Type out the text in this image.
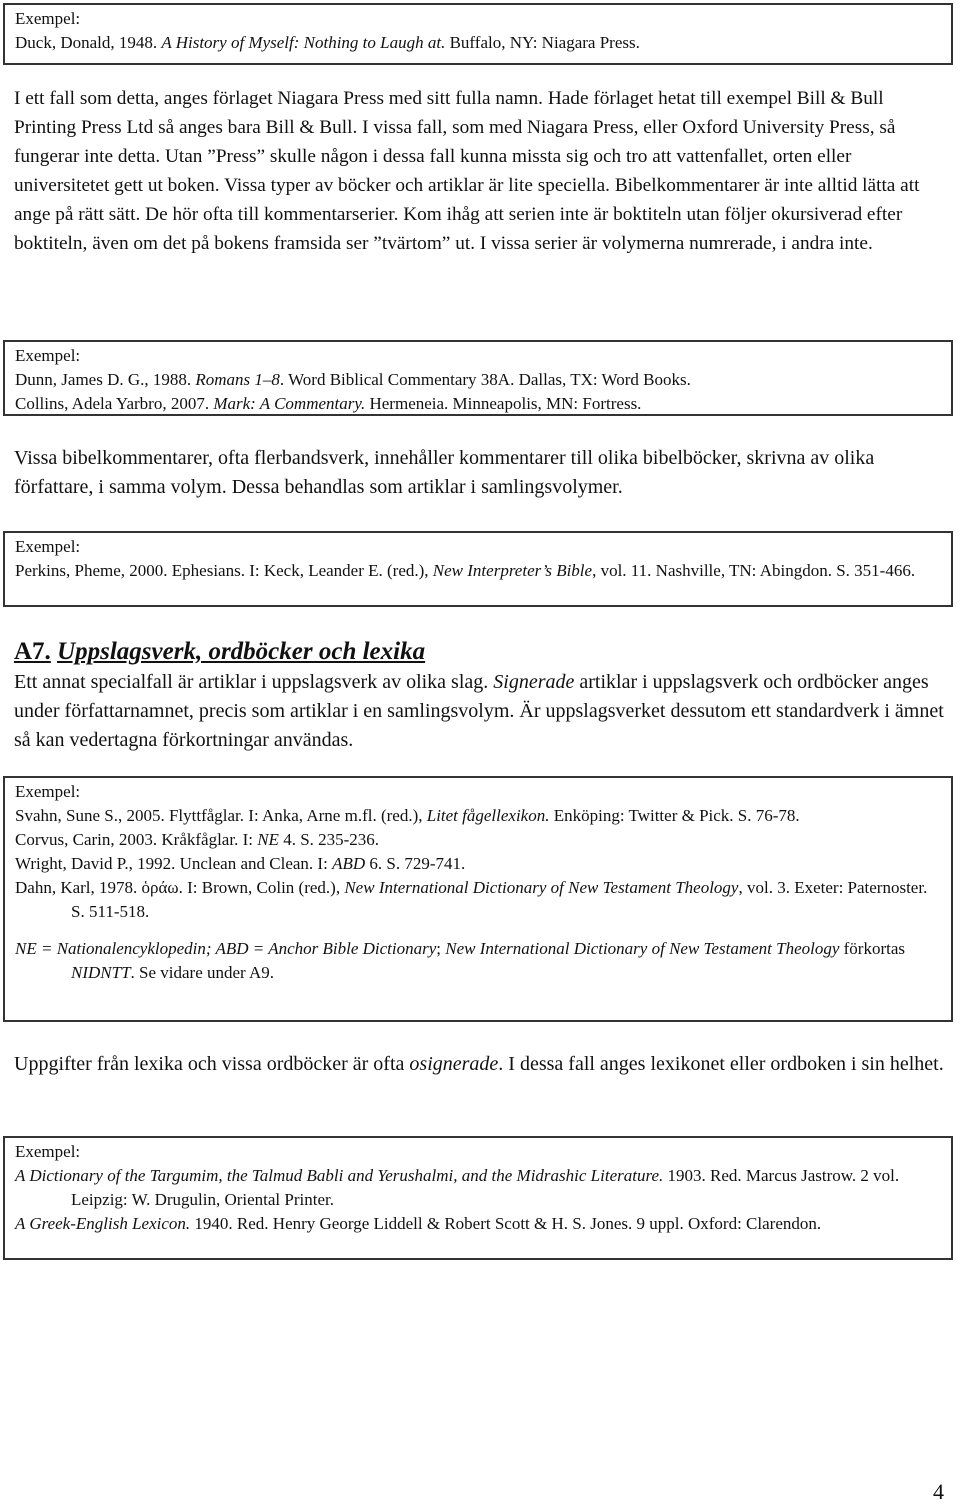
Exempel:
Duck, Donald, 1948. A History of Myself: Nothing to Laugh at. Buffalo, NY: Niagara Press.
I ett fall som detta, anges förlaget Niagara Press med sitt fulla namn. Hade förlaget hetat till exempel Bill & Bull Printing Press Ltd så anges bara Bill & Bull. I vissa fall, som med Niagara Press, eller Oxford University Press, så fungerar inte detta. Utan ”Press” skulle någon i dessa fall kunna missta sig och tro att vattenfallet, orten eller universitetet gett ut boken. Vissa typer av böcker och artiklar är lite speciella. Bibelkommentarer är inte alltid lätta att ange på rätt sätt. De hör ofta till kommentarserier. Kom ihåg att serien inte är boktiteln utan följer okursiverad efter boktiteln, även om det på bokens framsida ser ”tvärtom” ut. I vissa serier är volymerna numrerade, i andra inte.
Exempel:
Dunn, James D. G., 1988. Romans 1–8. Word Biblical Commentary 38A. Dallas, TX: Word Books.
Collins, Adela Yarbro, 2007. Mark: A Commentary. Hermeneia. Minneapolis, MN: Fortress.
Vissa bibelkommentarer, ofta flerbandsverk, innehåller kommentarer till olika bibelböcker, skrivna av olika författare, i samma volym. Dessa behandlas som artiklar i samlingsvolymer.
Exempel:
Perkins, Pheme, 2000. Ephesians. I: Keck, Leander E. (red.), New Interpreter’s Bible, vol. 11. Nashville, TN: Abingdon. S. 351-466.
A7. Uppslagsverk, ordböcker och lexika
Ett annat specialfall är artiklar i uppslagsverk av olika slag. Signerade artiklar i uppslagsverk och ordböcker anges under författarnamnet, precis som artiklar i en samlingsvolym. Är uppslagsverket dessutom ett standardverk i ämnet så kan vedertagna förkortningar användas.
Exempel:
Svahn, Sune S., 2005. Flyttfåglar. I: Anka, Arne m.fl. (red.), Litet fågellexikon. Enköping: Twitter & Pick. S. 76-78.
Corvus, Carin, 2003. Kråkfåglar. I: NE 4. S. 235-236.
Wright, David P., 1992. Unclean and Clean. I: ABD 6. S. 729-741.
Dahn, Karl, 1978. ὁράω. I: Brown, Colin (red.), New International Dictionary of New Testament Theology, vol. 3. Exeter: Paternoster. S. 511-518.
NE = Nationalencyklopedin; ABD = Anchor Bible Dictionary; New International Dictionary of New Testament Theology förkortas NIDNTT. Se vidare under A9.
Uppgifter från lexika och vissa ordböcker är ofta osignerade. I dessa fall anges lexikonet eller ordboken i sin helhet.
Exempel:
A Dictionary of the Targumim, the Talmud Babli and Yerushalmi, and the Midrashic Literature. 1903. Red. Marcus Jastrow. 2 vol. Leipzig: W. Drugulin, Oriental Printer.
A Greek-English Lexicon. 1940. Red. Henry George Liddell & Robert Scott & H. S. Jones. 9 uppl. Oxford: Clarendon.
4
